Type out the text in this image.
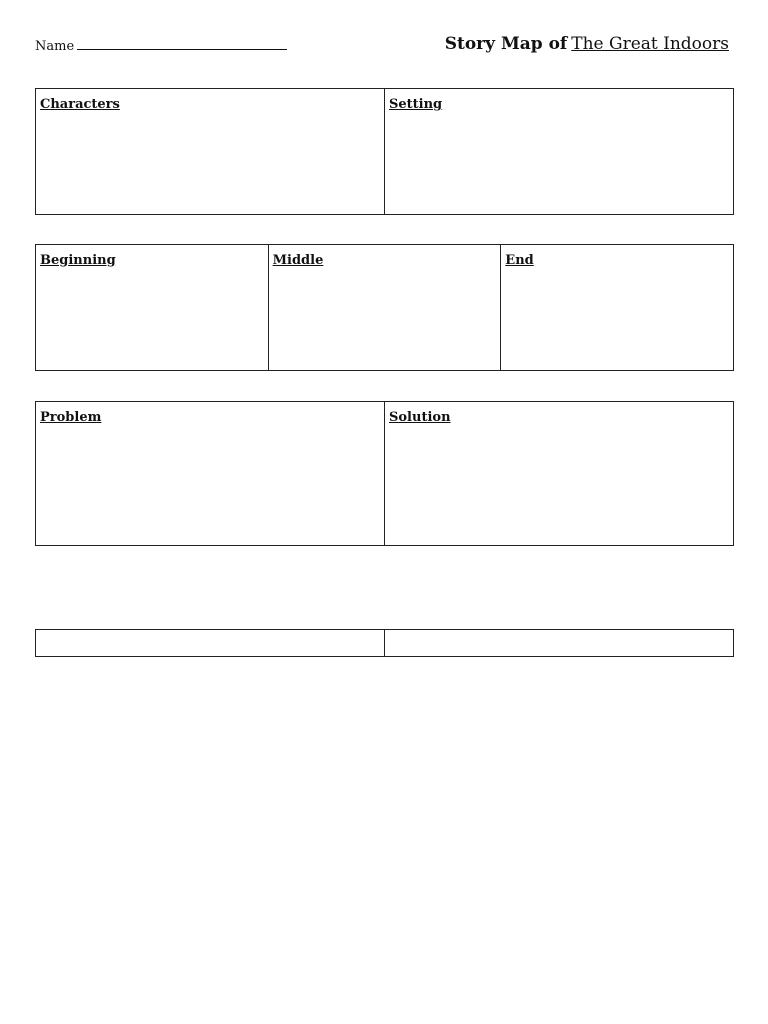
Name	Story Map of The Great Indoors
Characters	Setting
Beginning	Middle	End
Problem	Solution
